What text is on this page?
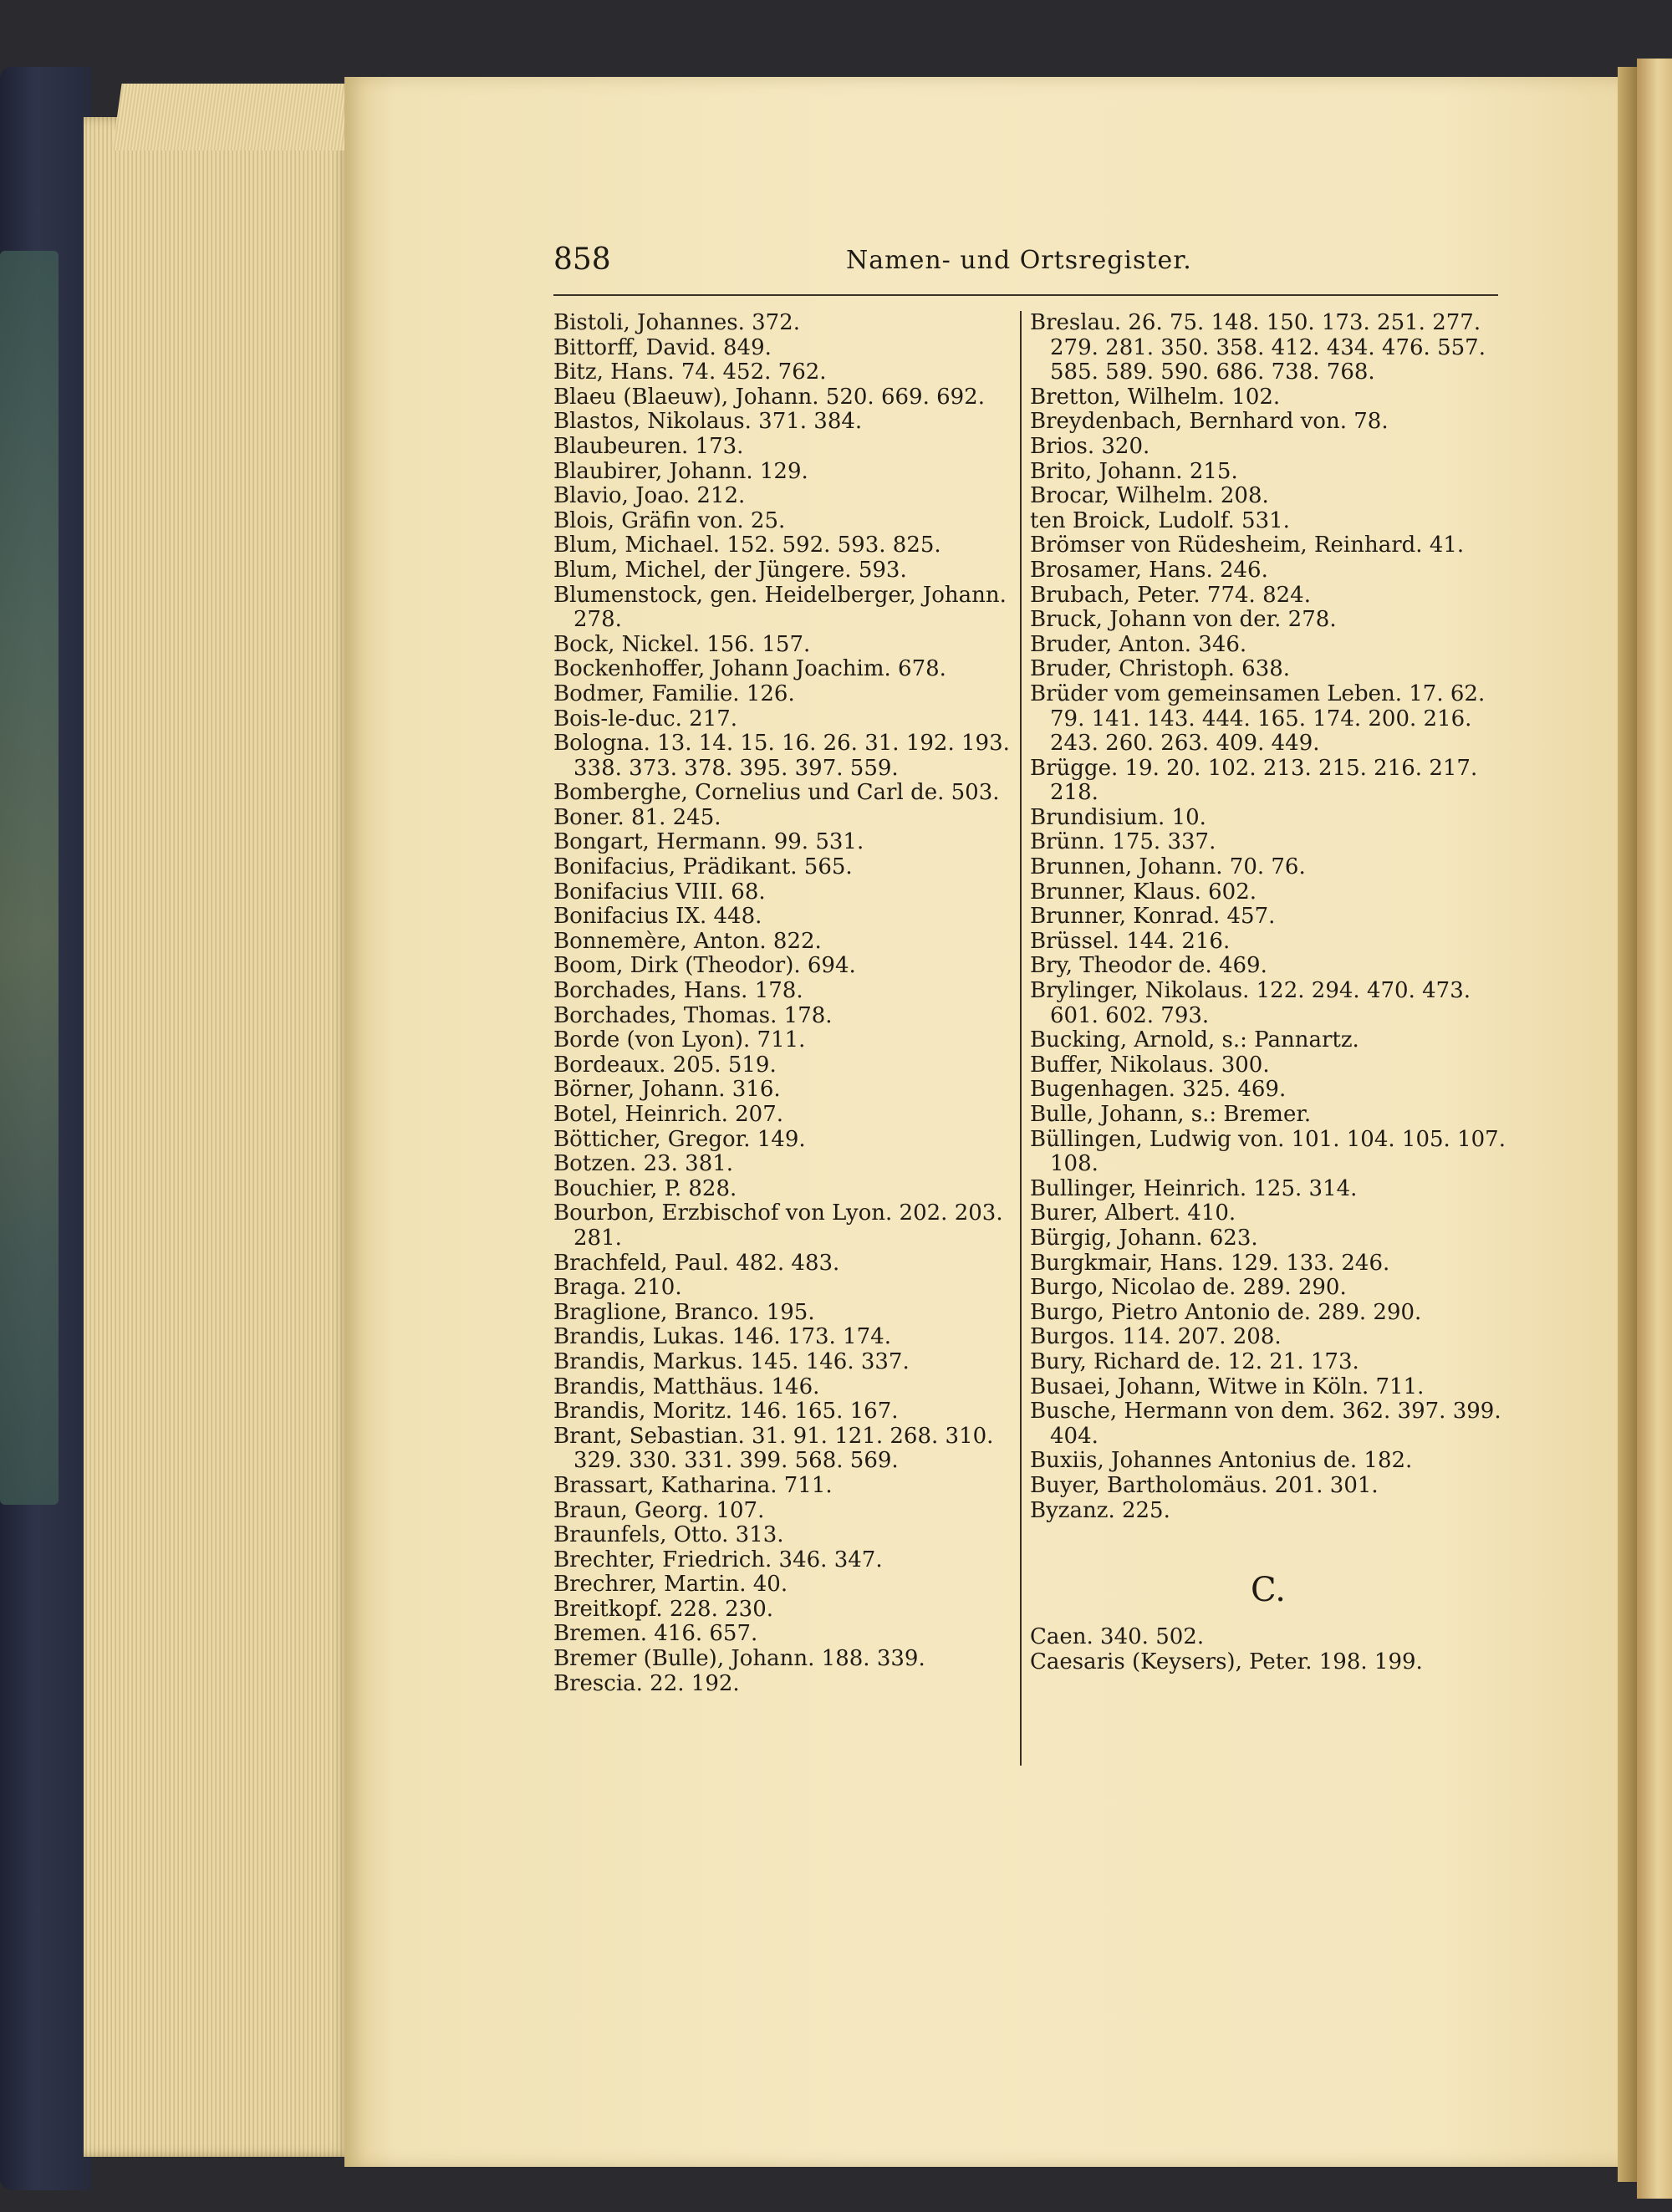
858	Namen- und Ortsregister.
Bistoli, Johannes. 372.
Bittorff, David. 849.
Bitz, Hans. 74. 452. 762.
Blaeu (Blaeuw), Johann. 520. 669. 692.
Blastos, Nikolaus. 371. 384.
Blaubeuren. 173.
Blaubirer, Johann. 129.
Blavio, Joao. 212.
Blois, Gräfin von. 25.
Blum, Michael. 152. 592. 593. 825.
Blum, Michel, der Jüngere. 593.
Blumenstock, gen. Heidelberger, Johann. 278.
Bock, Nickel. 156. 157.
Bockenhoffer, Johann Joachim. 678.
Bodmer, Familie. 126.
Bois-le-duc. 217.
Bologna. 13. 14. 15. 16. 26. 31. 192. 193. 338. 373. 378. 395. 397. 559.
Bomberghe, Cornelius und Carl de. 503.
Boner. 81. 245.
Bongart, Hermann. 99. 531.
Bonifacius, Prädikant. 565.
Bonifacius VIII. 68.
Bonifacius IX. 448.
Bonnemère, Anton. 822.
Boom, Dirk (Theodor). 694.
Borchades, Hans. 178.
Borchades, Thomas. 178.
Borde (von Lyon). 711.
Bordeaux. 205. 519.
Börner, Johann. 316.
Botel, Heinrich. 207.
Bötticher, Gregor. 149.
Botzen. 23. 381.
Bouchier, P. 828.
Bourbon, Erzbischof von Lyon. 202. 203. 281.
Brachfeld, Paul. 482. 483.
Braga. 210.
Braglione, Branco. 195.
Brandis, Lukas. 146. 173. 174.
Brandis, Markus. 145. 146. 337.
Brandis, Matthäus. 146.
Brandis, Moritz. 146. 165. 167.
Brant, Sebastian. 31. 91. 121. 268. 310. 329. 330. 331. 399. 568. 569.
Brassart, Katharina. 711.
Braun, Georg. 107.
Braunfels, Otto. 313.
Brechter, Friedrich. 346. 347.
Brechrer, Martin. 40.
Breitkopf. 228. 230.
Bremen. 416. 657.
Bremer (Bulle), Johann. 188. 339.
Brescia. 22. 192.
Breslau. 26. 75. 148. 150. 173. 251. 277. 279. 281. 350. 358. 412. 434. 476. 557. 585. 589. 590. 686. 738. 768.
Bretton, Wilhelm. 102.
Breydenbach, Bernhard von. 78.
Brios. 320.
Brito, Johann. 215.
Brocar, Wilhelm. 208.
ten Broick, Ludolf. 531.
Brömser von Rüdesheim, Reinhard. 41.
Brosamer, Hans. 246.
Brubach, Peter. 774. 824.
Bruck, Johann von der. 278.
Bruder, Anton. 346.
Bruder, Christoph. 638.
Brüder vom gemeinsamen Leben. 17. 62. 79. 141. 143. 444. 165. 174. 200. 216. 243. 260. 263. 409. 449.
Brügge. 19. 20. 102. 213. 215. 216. 217. 218.
Brundisium. 10.
Brünn. 175. 337.
Brunnen, Johann. 70. 76.
Brunner, Klaus. 602.
Brunner, Konrad. 457.
Brüssel. 144. 216.
Bry, Theodor de. 469.
Brylinger, Nikolaus. 122. 294. 470. 473. 601. 602. 793.
Bucking, Arnold, s.: Pannartz.
Buffer, Nikolaus. 300.
Bugenhagen. 325. 469.
Bulle, Johann, s.: Bremer.
Büllingen, Ludwig von. 101. 104. 105. 107. 108.
Bullinger, Heinrich. 125. 314.
Burer, Albert. 410.
Bürgig, Johann. 623.
Burgkmair, Hans. 129. 133. 246.
Burgo, Nicolao de. 289. 290.
Burgo, Pietro Antonio de. 289. 290.
Burgos. 114. 207. 208.
Bury, Richard de. 12. 21. 173.
Busaei, Johann, Witwe in Köln. 711.
Busche, Hermann von dem. 362. 397. 399. 404.
Buxiis, Johannes Antonius de. 182.
Buyer, Bartholomäus. 201. 301.
Byzanz. 225.
C.
Caen. 340. 502.
Caesaris (Keysers), Peter. 198. 199.
